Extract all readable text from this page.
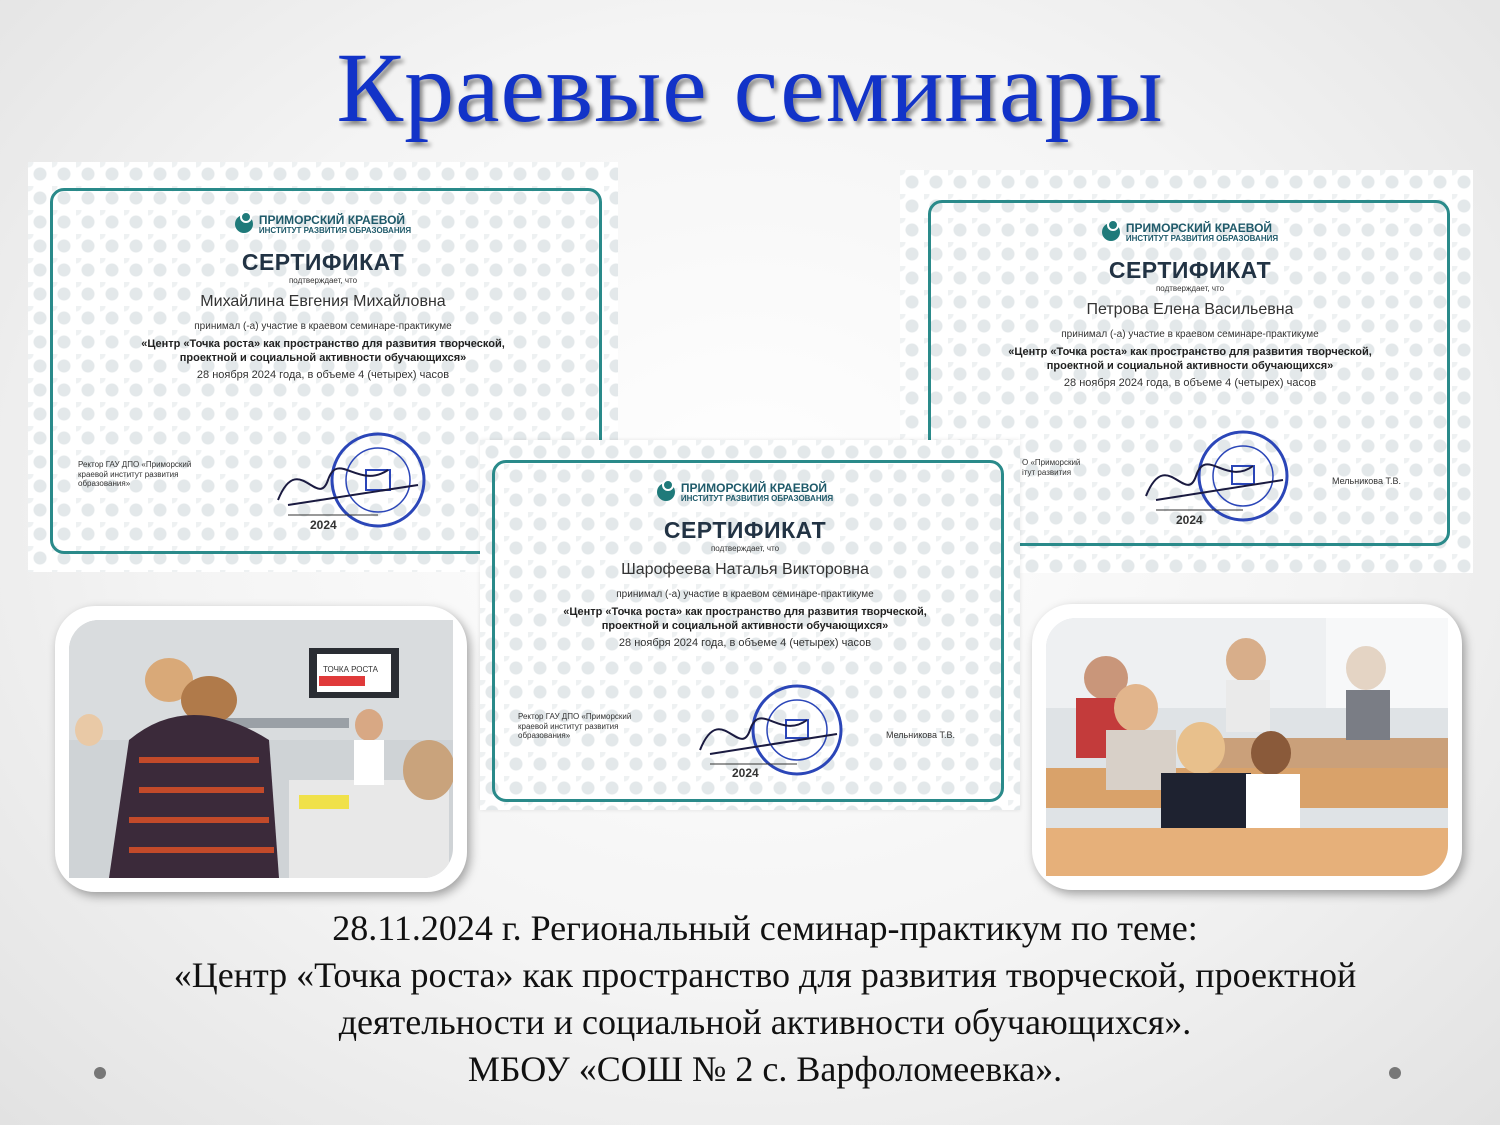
Краевые семинары
ПРИМОРСКИЙ КРАЕВОЙ
ИНСТИТУТ РАЗВИТИЯ ОБРАЗОВАНИЯ
СЕРТИФИКАТ
подтверждает, что
Михайлина Евгения Михайловна
принимал (-а) участие в краевом семинаре-практикуме
«Центр «Точка роста» как пространство для развития творческой,
проектной и социальной активности обучающихся»
28 ноября 2024 года, в объеме 4 (четырех) часов
Ректор ГАУ ДПО «Приморский
краевой институт развития
образования»
2024
ПРИМОРСКИЙ КРАЕВОЙ
ИНСТИТУТ РАЗВИТИЯ ОБРАЗОВАНИЯ
СЕРТИФИКАТ
подтверждает, что
Петрова Елена Васильевна
принимал (-а) участие в краевом семинаре-практикуме
«Центр «Точка роста» как пространство для развития творческой,
проектной и социальной активности обучающихся»
28 ноября 2024 года, в объеме 4 (четырех) часов
О «Приморский
ітут развития
2024
Мельникова Т.В.
ТОЧКА РОСТА
ПРИМОРСКИЙ КРАЕВОЙ
ИНСТИТУТ РАЗВИТИЯ ОБРАЗОВАНИЯ
СЕРТИФИКАТ
подтверждает, что
Шарофеева Наталья Викторовна
принимал (-а) участие в краевом семинаре-практикуме
«Центр «Точка роста» как пространство для развития творческой,
проектной и социальной активности обучающихся»
28 ноября 2024 года, в объеме 4 (четырех) часов
Ректор ГАУ ДПО «Приморский
краевой институт развития
образования»
2024
Мельникова Т.В.
28.11.2024 г. Региональный семинар-практикум по теме:
«Центр «Точка роста» как пространство для развития творческой, проектной
деятельности и социальной активности обучающихся».
МБОУ «СОШ № 2 с. Варфоломеевка».
